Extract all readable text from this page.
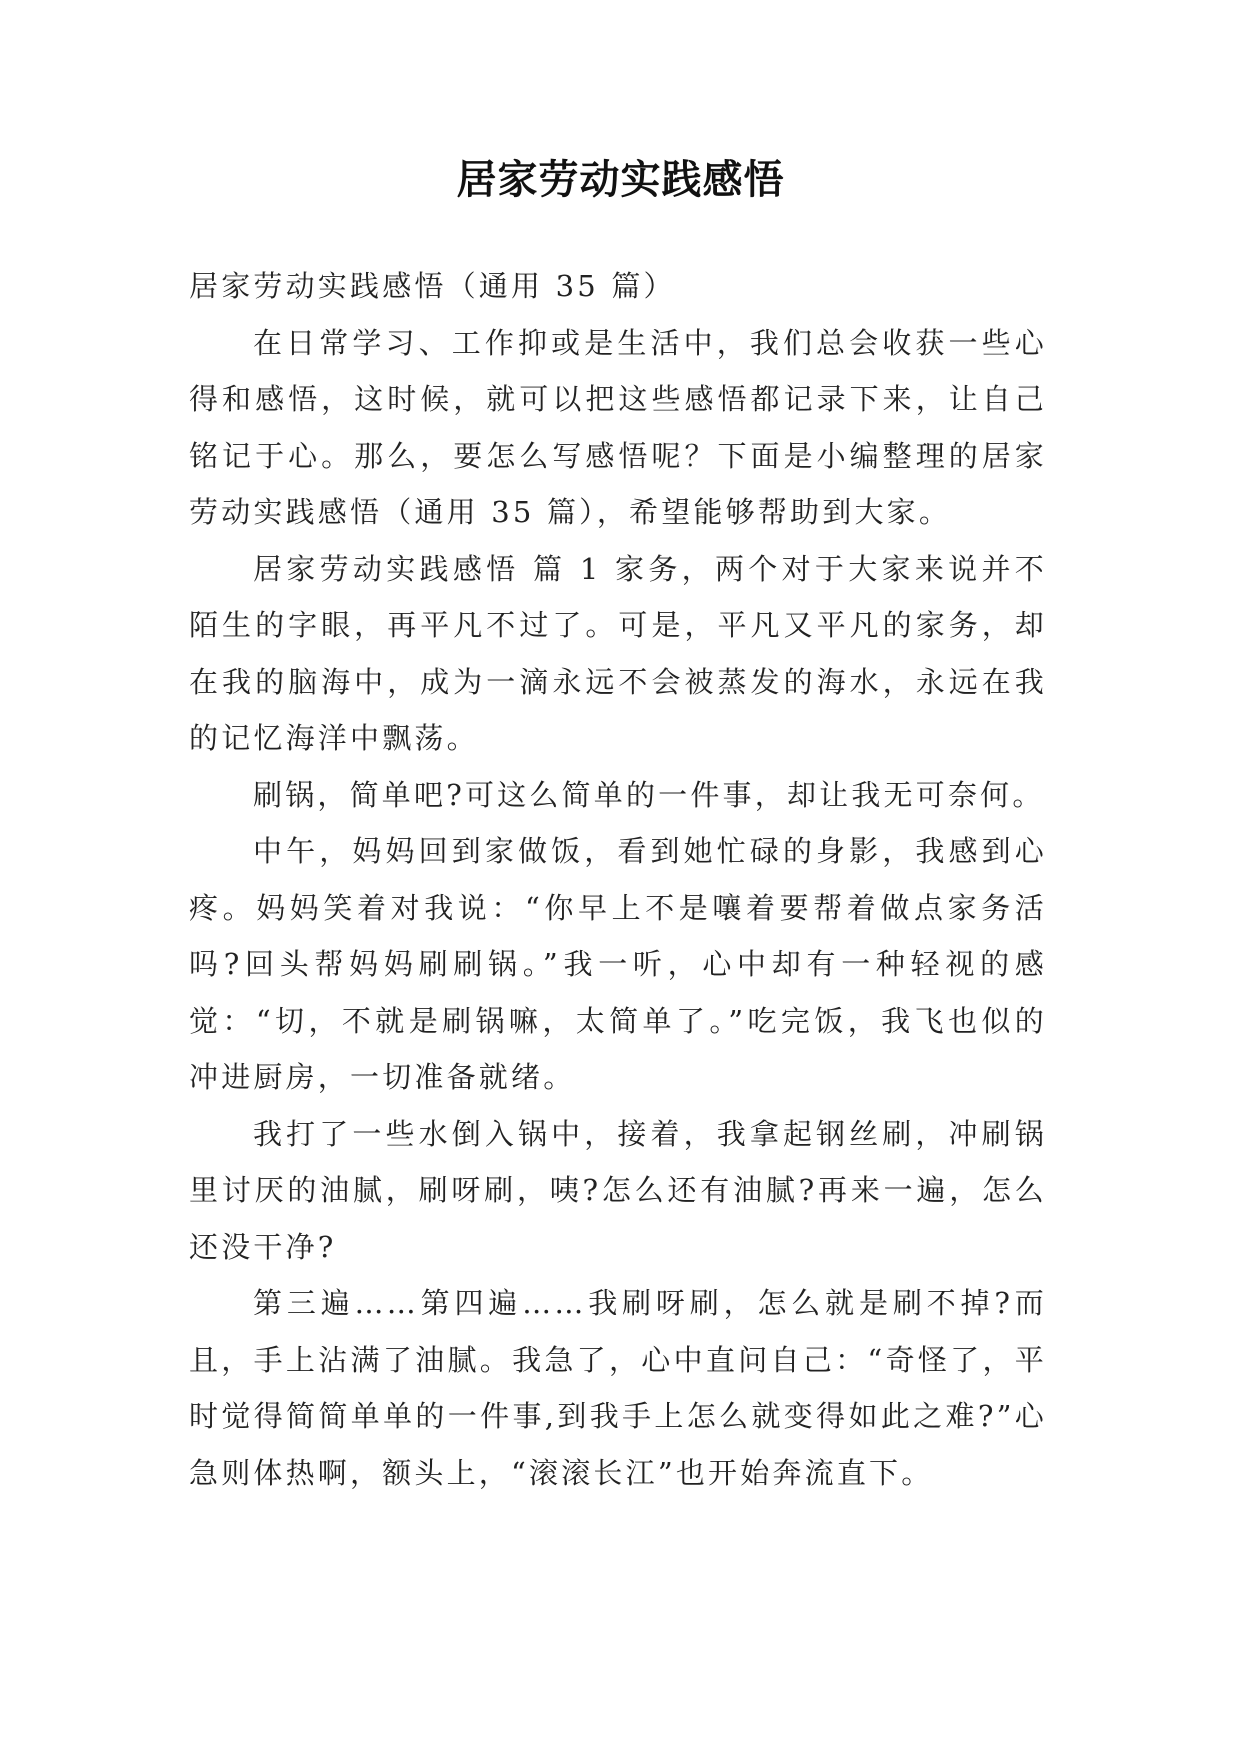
居家劳动实践感悟

居家劳动实践感悟（通用 35 篇）

在日常学习、工作抑或是生活中，我们总会收获一些心得和感悟，这时候，就可以把这些感悟都记录下来，让自己铭记于心。那么，要怎么写感悟呢？下面是小编整理的居家劳动实践感悟（通用 35 篇），希望能够帮助到大家。

居家劳动实践感悟 篇 1 家务，两个对于大家来说并不陌生的字眼，再平凡不过了。可是，平凡又平凡的家务，却在我的脑海中，成为一滴永远不会被蒸发的海水，永远在我的记忆海洋中飘荡。

刷锅，简单吧?可这么简单的一件事，却让我无可奈何。

中午，妈妈回到家做饭，看到她忙碌的身影，我感到心疼。妈妈笑着对我说：“你早上不是嚷着要帮着做点家务活吗?回头帮妈妈刷刷锅。”我一听，心中却有一种轻视的感觉：“切，不就是刷锅嘛，太简单了。”吃完饭，我飞也似的冲进厨房，一切准备就绪。

我打了一些水倒入锅中，接着，我拿起钢丝刷，冲刷锅里讨厌的油腻，刷呀刷，咦?怎么还有油腻?再来一遍，怎么还没干净?

第三遍……第四遍……我刷呀刷，怎么就是刷不掉?而且，手上沾满了油腻。我急了，心中直问自己：“奇怪了，平时觉得简简单单的一件事,到我手上怎么就变得如此之难?”心急则体热啊，额头上，“滚滚长江”也开始奔流直下。
